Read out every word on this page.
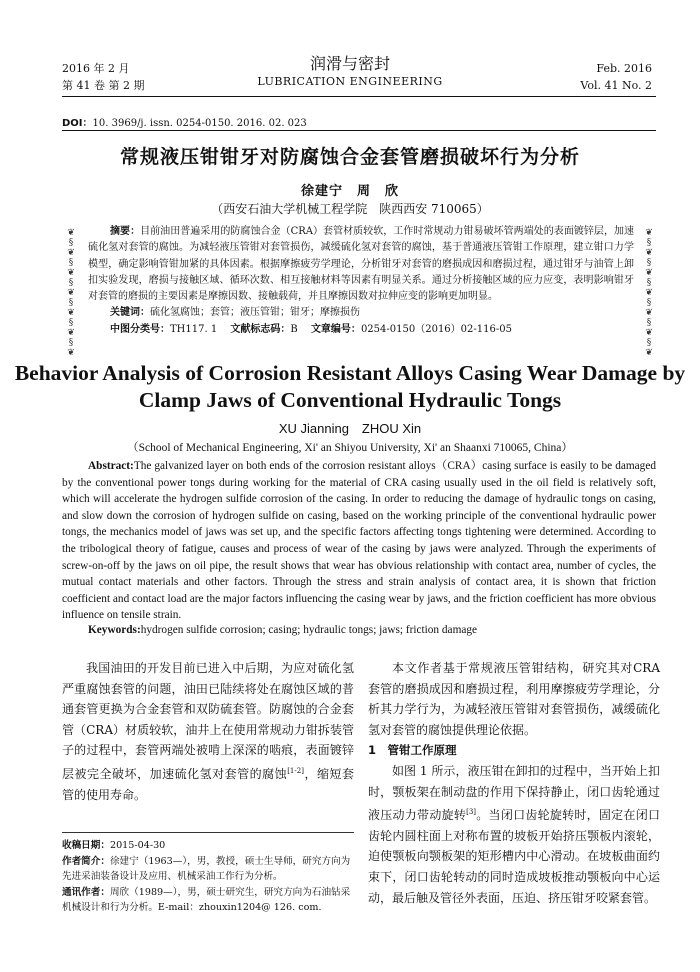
2016 年 2 月
第 41 卷 第 2 期
润滑与密封
LUBRICATION ENGINEERING
Feb. 2016
Vol. 41 No. 2
DOI：10. 3969/j. issn. 0254-0150. 2016. 02. 023
常规液压钳钳牙对防腐蚀合金套管磨损破坏行为分析
徐建宁　周　欣
（西安石油大学机械工程学院　陕西西安 710065）
❦
§
❦
§
❦
§
❦
§
❦
§
❦
§
❦
❦
§
❦
§
❦
§
❦
§
❦
§
❦
§
❦
摘要：目前油田普遍采用的防腐蚀合金（CRA）套管材质较软，工作时常规动力钳易破坏管两端处的表面镀锌层，加速硫化氢对套管的腐蚀。为减轻液压管钳对套管损伤，减缓硫化氢对套管的腐蚀，基于普通液压管钳工作原理，建立钳口力学模型，确定影响管钳加紧的具体因素。根据摩擦疲劳学理论，分析钳牙对套管的磨损成因和磨损过程，通过钳牙与油管上卸扣实验发现，磨损与接触区域、循环次数、相互接触材料等因素有明显关系。通过分析接触区域的应力应变，表明影响钳牙对套管的磨损的主要因素是摩擦因数、接触载荷，并且摩擦因数对拉伸应变的影响更加明显。
关键词：硫化氢腐蚀；套管；液压管钳；钳牙；摩擦损伤
中图分类号：TH117. 1 文献标志码：B 文章编号：0254-0150（2016）02-116-05
Behavior Analysis of Corrosion Resistant Alloys Casing Wear Damage by Clamp Jaws of Conventional Hydraulic Tongs
XU Jianning　ZHOU Xin
（School of Mechanical Engineering, Xi' an Shiyou University, Xi' an Shaanxi 710065, China）
Abstract:The galvanized layer on both ends of the corrosion resistant alloys（CRA）casing surface is easily to be damaged by the conventional power tongs during working for the material of CRA casing usually used in the oil field is relatively soft, which will accelerate the hydrogen sulfide corrosion of the casing. In order to reducing the damage of hydraulic tongs on casing, and slow down the corrosion of hydrogen sulfide on casing, based on the working principle of the conventional hydraulic power tongs, the mechanics model of jaws was set up, and the specific factors affecting tongs tightening were determined. According to the tribological theory of fatigue, causes and process of wear of the casing by jaws were analyzed. Through the experiments of screw-on-off by the jaws on oil pipe, the result shows that wear has obvious relationship with contact area, number of cycles, the mutual contact materials and other factors. Through the stress and strain analysis of contact area, it is shown that friction coefficient and contact load are the major factors influencing the casing wear by jaws, and the friction coefficient has more obvious influence on tensile strain.
Keywords:hydrogen sulfide corrosion; casing; hydraulic tongs; jaws; friction damage

我国油田的开发目前已进入中后期，为应对硫化氢严重腐蚀套管的问题，油田已陆续将处在腐蚀区域的普通套管更换为合金套管和双防硫套管。防腐蚀的合金套管（CRA）材质较软，油井上在使用常规动力钳拆装管子的过程中，套管两端处被啃上深深的啮痕，表面镀锌层被完全破坏，加速硫化氢对套管的腐蚀[1-2]，缩短套管的使用寿命。

收稿日期：2015-04-30
作者简介：徐建宁（1963—），男，教授，硕士生导师，研究方向为先进采油装备设计及应用、机械采油工作行为分析。
通讯作者：周欣（1989—），男，硕士研究生，研究方向为石油钻采机械设计和行为分析。E-mail：zhouxin1204@ 126. com.

本文作者基于常规液压管钳结构，研究其对CRA 套管的磨损成因和磨损过程，利用摩擦疲劳学理论，分析其力学行为，为减轻液压管钳对套管损伤，减缓硫化氢对套管的腐蚀提供理论依据。

1　管钳工作原理

如图 1 所示，液压钳在卸扣的过程中，当开始上扣时，颚板架在制动盘的作用下保持静止，闭口齿轮通过液压动力带动旋转[3]。当闭口齿轮旋转时，固定在闭口齿轮内圆柱面上对称布置的坡板开始挤压颚板内滚轮，迫使颚板向颚板架的矩形槽内中心滑动。在坡板曲面约束下，闭口齿轮转动的同时造成坡板推动颚板向中心运动，最后触及管径外表面，压迫、挤压钳牙咬紧套管。
